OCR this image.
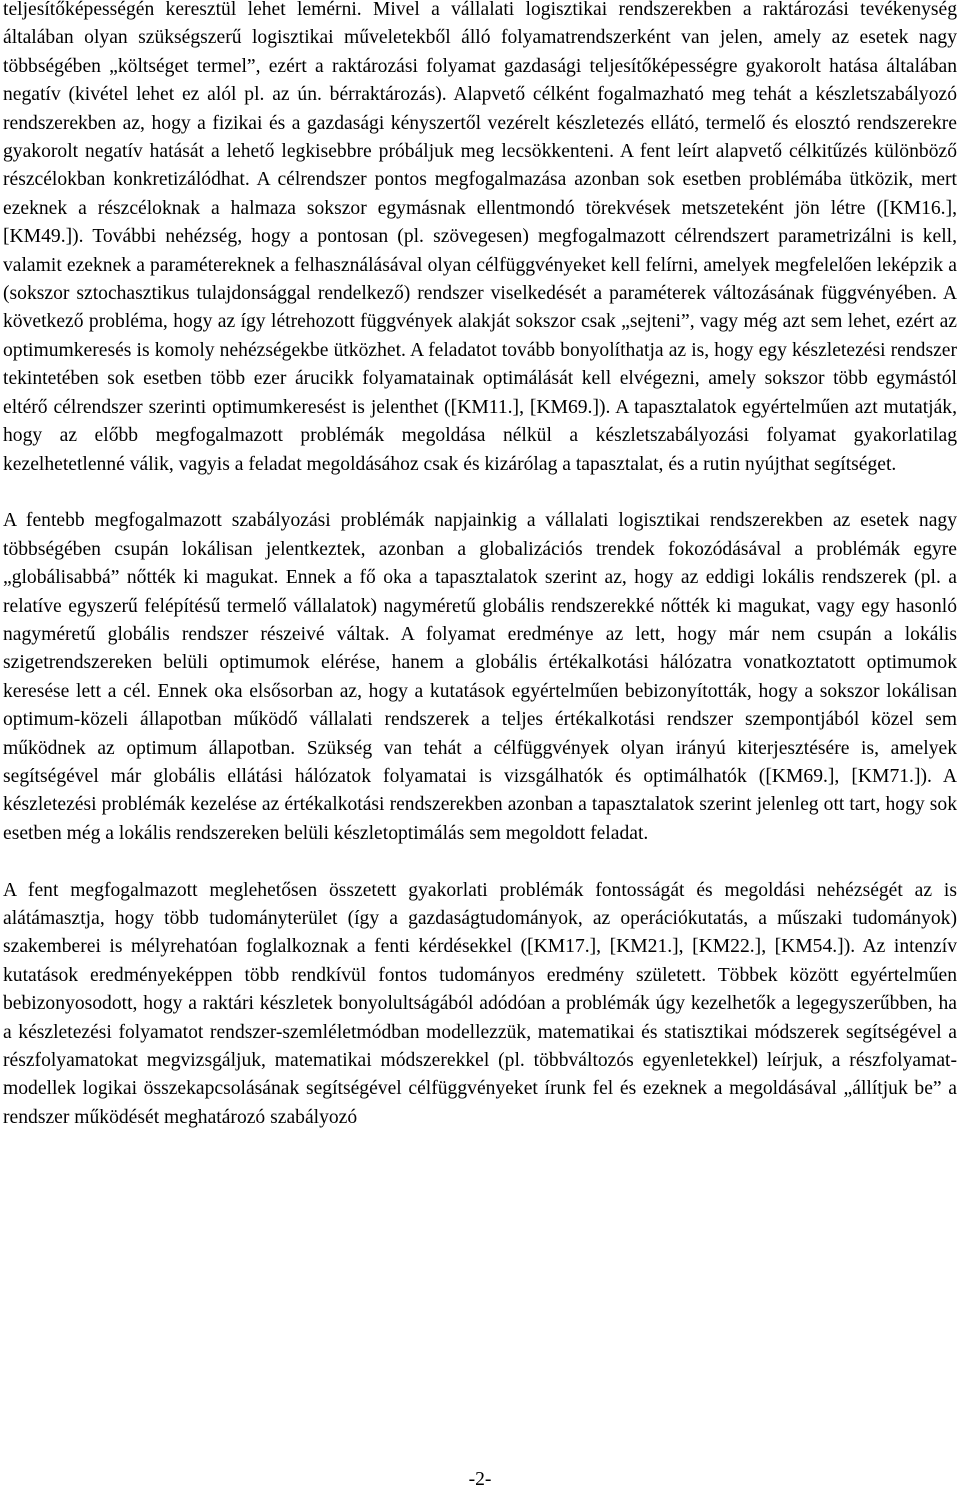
teljesítőképességén keresztül lehet lemérni. Mivel a vállalati logisztikai rendszerekben a raktározási tevékenység általában olyan szükségszerű logisztikai műveletekből álló folyamatrendszerként van jelen, amely az esetek nagy többségében „költséget termel”, ezért a raktározási folyamat gazdasági teljesítőképességre gyakorolt hatása általában negatív (kivétel lehet ez alól pl. az ún. bérraktározás). Alapvető célként fogalmazható meg tehát a készletszabályozó rendszerekben az, hogy a fizikai és a gazdasági kényszertől vezérelt készletezés ellátó, termelő és elosztó rendszerekre gyakorolt negatív hatását a lehető legkisebbre próbáljuk meg lecsökkenteni. A fent leírt alapvető célkitűzés különböző részcélokban konkretizálódhat. A célrendszer pontos megfogalmazása azonban sok esetben problémába ütközik, mert ezeknek a részcéloknak a halmaza sokszor egymásnak ellentmondó törekvések metszeteként jön létre ([KM16.], [KM49.]). További nehézség, hogy a pontosan (pl. szövegesen) megfogalmazott célrendszert parametrizálni is kell, valamit ezeknek a paramétereknek a felhasználásával olyan célfüggvényeket kell felírni, amelyek megfelelően leképzik a (sokszor sztochasztikus tulajdonsággal rendelkező) rendszer viselkedését a paraméterek változásának függvényében. A következő probléma, hogy az így létrehozott függvények alakját sokszor csak „sejteni”, vagy még azt sem lehet, ezért az optimumkeresés is komoly nehézségekbe ütközhet. A feladatot tovább bonyolíthatja az is, hogy egy készletezési rendszer tekintetében sok esetben több ezer árucikk folyamatainak optimálását kell elvégezni, amely sokszor több egymástól eltérő célrendszer szerinti optimumkeresést is jelenthet ([KM11.], [KM69.]). A tapasztalatok egyértelműen azt mutatják, hogy az előbb megfogalmazott problémák megoldása nélkül a készletszabályozási folyamat gyakorlatilag kezelhetetlenné válik, vagyis a feladat megoldásához csak és kizárólag a tapasztalat, és a rutin nyújthat segítséget.

A fentebb megfogalmazott szabályozási problémák napjainkig a vállalati logisztikai rendszerekben az esetek nagy többségében csupán lokálisan jelentkeztek, azonban a globalizációs trendek fokozódásával a problémák egyre „globálisabbá” nőtték ki magukat. Ennek a fő oka a tapasztalatok szerint az, hogy az eddigi lokális rendszerek (pl. a relatíve egyszerű felépítésű termelő vállalatok) nagyméretű globális rendszerekké nőtték ki magukat, vagy egy hasonló nagyméretű globális rendszer részeivé váltak. A folyamat eredménye az lett, hogy már nem csupán a lokális szigetrendszereken belüli optimumok elérése, hanem a globális értékalkotási hálózatra vonatkoztatott optimumok keresése lett a cél. Ennek oka elsősorban az, hogy a kutatások egyértelműen bebizonyították, hogy a sokszor lokálisan optimum-közeli állapotban működő vállalati rendszerek a teljes értékalkotási rendszer szempontjából közel sem működnek az optimum állapotban. Szükség van tehát a célfüggvények olyan irányú kiterjesztésére is, amelyek segítségével már globális ellátási hálózatok folyamatai is vizsgálhatók és optimálhatók ([KM69.], [KM71.]). A készletezési problémák kezelése az értékalkotási rendszerekben azonban a tapasztalatok szerint jelenleg ott tart, hogy sok esetben még a lokális rendszereken belüli készletoptimálás sem megoldott feladat.

A fent megfogalmazott meglehetősen összetett gyakorlati problémák fontosságát és megoldási nehézségét az is alátámasztja, hogy több tudományterület (így a gazdaságtudományok, az operációkutatás, a műszaki tudományok) szakemberei is mélyrehatóan foglalkoznak a fenti kérdésekkel ([KM17.], [KM21.], [KM22.], [KM54.]). Az intenzív kutatások eredményeképpen több rendkívül fontos tudományos eredmény született. Többek között egyértelműen bebizonyosodott, hogy a raktári készletek bonyolultságából adódóan a problémák úgy kezelhetők a legegyszerűbben, ha a készletezési folyamatot rendszer-szemléletmódban modellezzük, matematikai és statisztikai módszerek segítségével a részfolyamatokat megvizsgáljuk, matematikai módszerekkel (pl. többváltozós egyenletekkel) leírjuk, a részfolyamat-modellek logikai összekapcsolásának segítségével célfüggvényeket írunk fel és ezeknek a megoldásával „állítjuk be” a rendszer működését meghatározó szabályozó

-2-
